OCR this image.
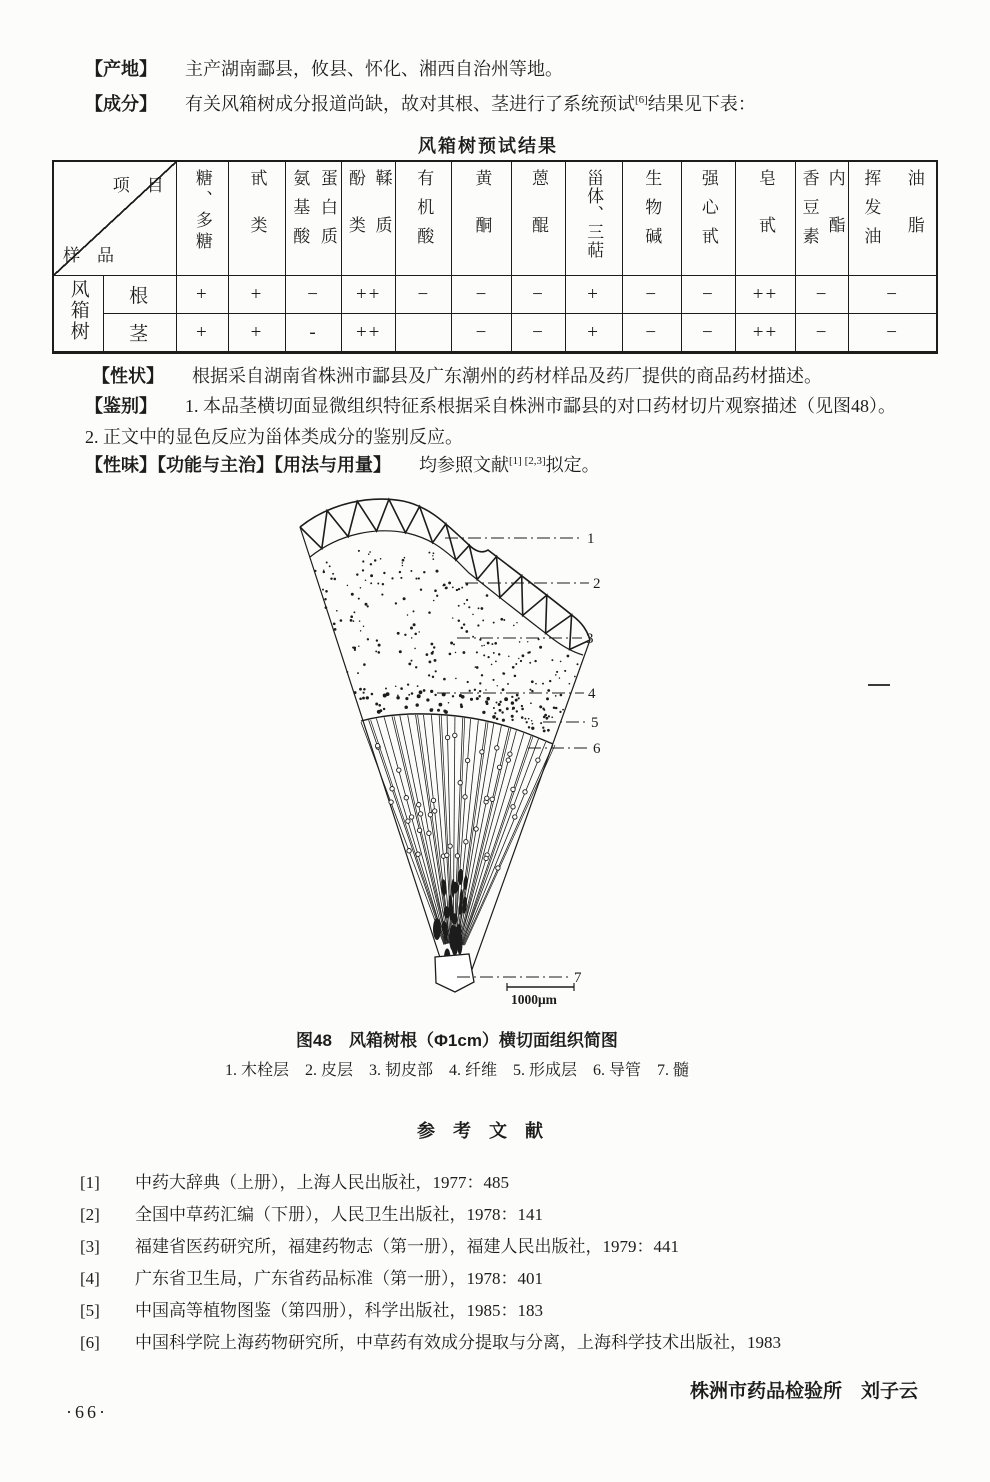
【产地】 主产湖南酃县，攸县、怀化、湘西自治州等地。
【成分】 有关风箱树成分报道尚缺，故对其根、茎进行了系统预试[6]结果见下表：
风箱树预试结果
项　目
样　品		糖、多糖	甙类	氨基酸 蛋白质	酚类 鞣质	有机酸	黄酮	蒽醌	甾体、三萜	生物碱	强心甙	皂甙	香豆素 内酯	挥发油 油脂

风箱树	根	+	+	−	++	−	−	−	+	−	−	++	−	−
	茎	+	+	-	++		−	−	+	−	−	++	−	−
【性状】 根据采自湖南省株洲市酃县及广东潮州的药材样品及药厂提供的商品药材描述。
【鉴别】 1. 本品茎横切面显微组织特征系根据采自株洲市酃县的对口药材切片观察描述（见图48）。
2. 正文中的显色反应为甾体类成分的鉴别反应。
【性味】【功能与主治】【用法与用量】 均参照文献[1] [2,3]拟定。
1
2
3
4
5
6
7
1000μm
图48　风箱树根（Φ1cm）横切面组织简图
1. 木栓层　2. 皮层　3. 韧皮部　4. 纤维　5. 形成层　6. 导管　7. 髓
参　考　文　献
[1] 中药大辞典（上册），上海人民出版社，1977：485
[2] 全国中草药汇编（下册），人民卫生出版社，1978：141
[3] 福建省医药研究所，福建药物志（第一册），福建人民出版社，1979：441
[4] 广东省卫生局，广东省药品标准（第一册），1978：401
[5] 中国高等植物图鉴（第四册），科学出版社，1985：183
[6] 中国科学院上海药物研究所，中草药有效成分提取与分离，上海科学技术出版社，1983
株洲市药品检验所　刘子云
·66·
